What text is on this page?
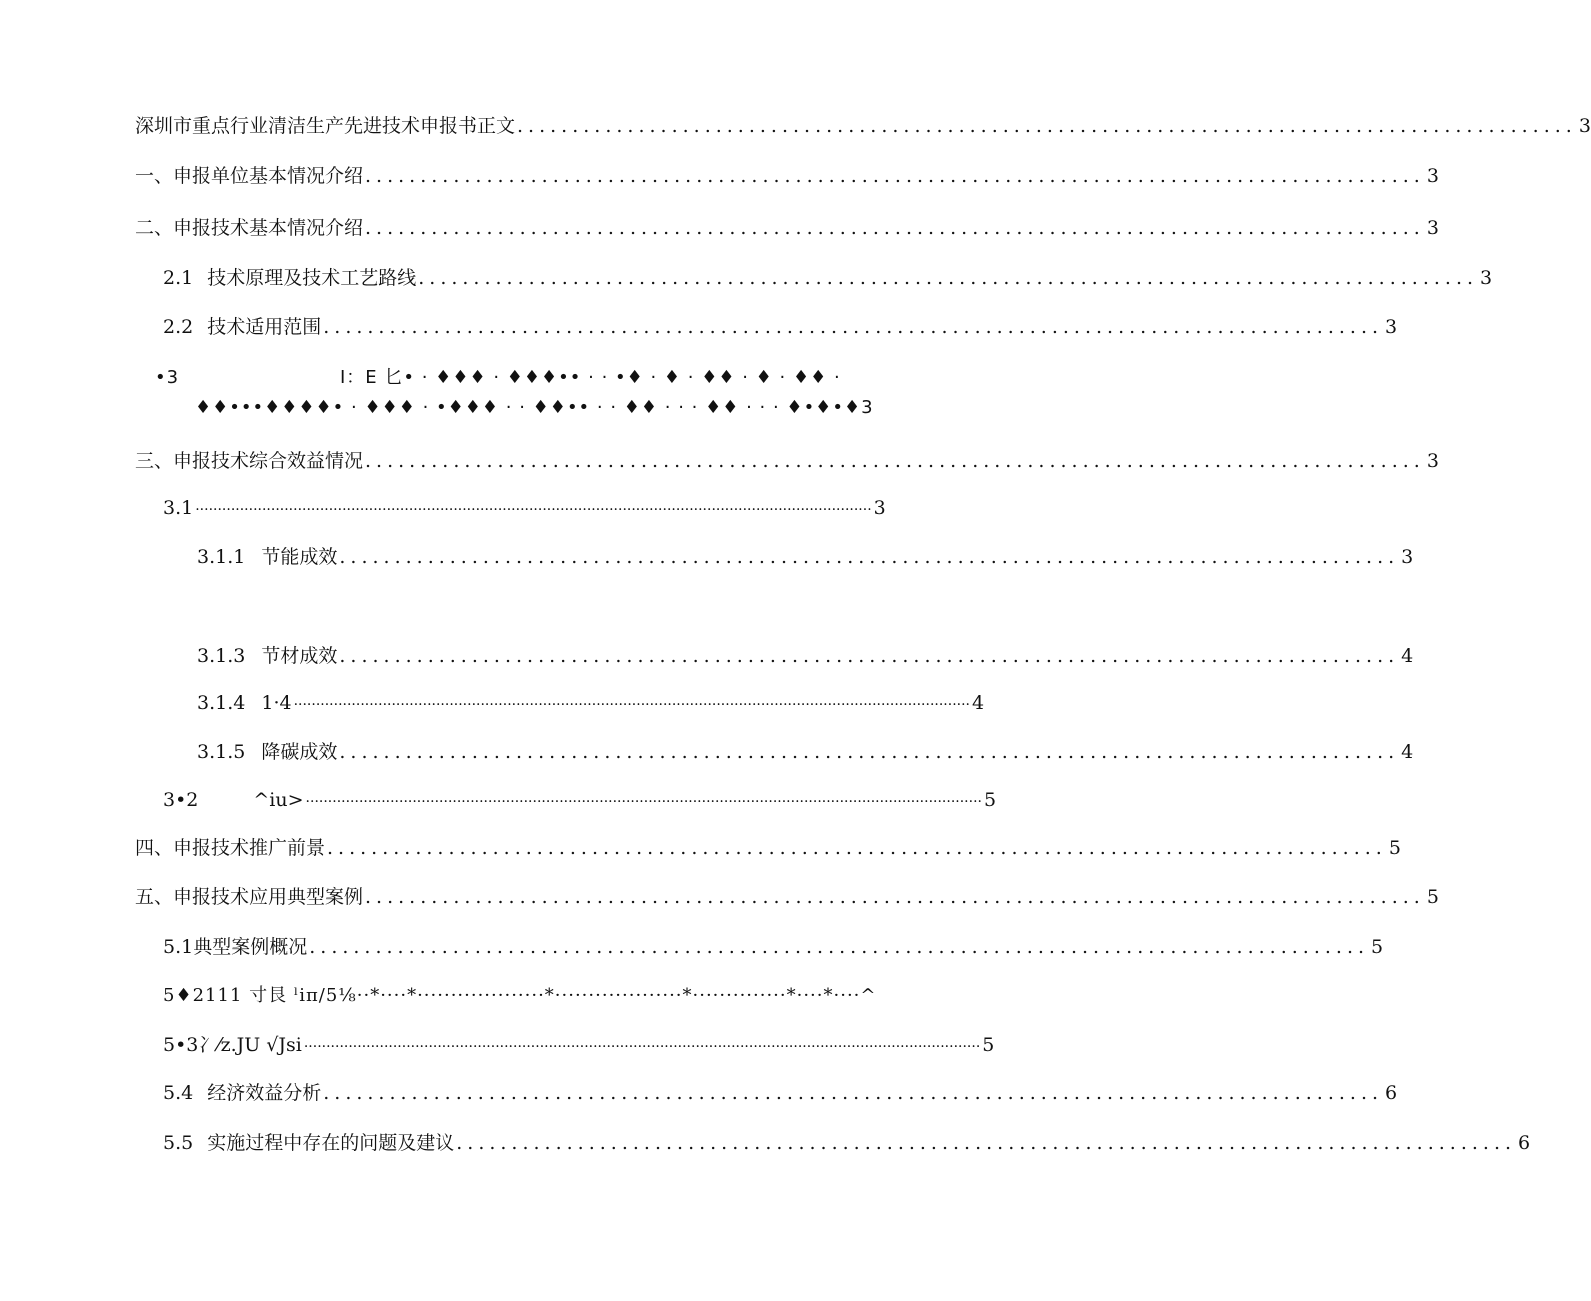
深圳市重点行业清洁生产先进技术申报书正文 ................................................................................................ 3
一、申报单位基本情况介绍 ................................................................................................ 3
二、申报技术基本情况介绍 ................................................................................................ 3
2.1 技术原理及技术工艺路线 ................................................................................................ 3
2.2 技术适用范围 ................................................................................................ 3
•3	I：E 匕• · ♦♦♦ · ♦♦♦•• · · •♦ · ♦ · ♦♦ · ♦ · ♦♦ ·
♦♦•••♦♦♦♦• · ♦♦♦ · •♦♦♦ · · ♦♦•• · · ♦♦ · · · ♦♦ · · · ♦•♦•♦3
三、申报技术综合效益情况 ................................................................................................ 3
3.1 ························································································································································ 3
3.1.1 节能成效 ................................................................................................ 3
3.1.3 节材成效 ................................................................................................ 4
3.1.4 1·4 ························································································································································ 4
3.1.5 降碳成效 ................................................................................................ 4
3•2	^iu> ························································································································································ 5
四、申报技术推广前景 ................................................................................................ 5
五、申报技术应用典型案例 ................................................................................................ 5
5.1 典型案例概况 ................................................................................................ 5
5♦2111 寸艮 ˡiπ/5⅛··*····*···················*···················*··············*····*····^
5•3 冫⁄z.JU √Jsi ························································································································································ 5
5.4 经济效益分析 ................................................................................................ 6
5.5 实施过程中存在的问题及建议 ................................................................................................ 6
